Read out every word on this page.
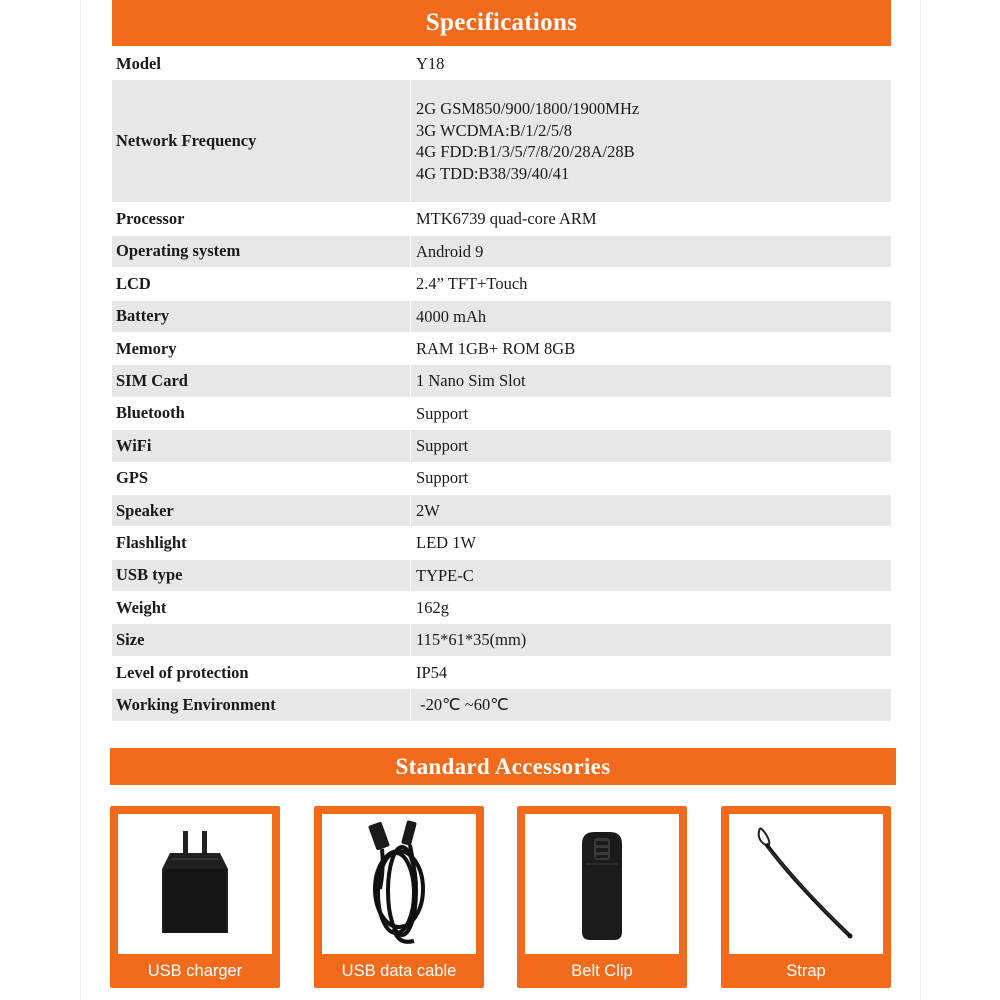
Specifications
Model	Y18
Network Frequency
2G GSM850/900/1800/1900MHz
3G WCDMA:B/1/2/5/8
4G FDD:B1/3/5/7/8/20/28A/28B
4G TDD:B38/39/40/41
Processor	MTK6739 quad-core ARM
Operating system	Android 9
LCD	2.4” TFT+Touch
Battery	4000 mAh
Memory	RAM 1GB+ ROM 8GB
SIM Card	1 Nano Sim Slot
Bluetooth	Support
WiFi	Support
GPS	Support
Speaker	2W
Flashlight	LED 1W
USB type	TYPE-C
Weight	162g
Size	115*61*35(mm)
Level of protection	IP54
Working Environment	-20℃ ~60℃
Standard Accessories
USB charger	USB data cable	Belt Clip	Strap
